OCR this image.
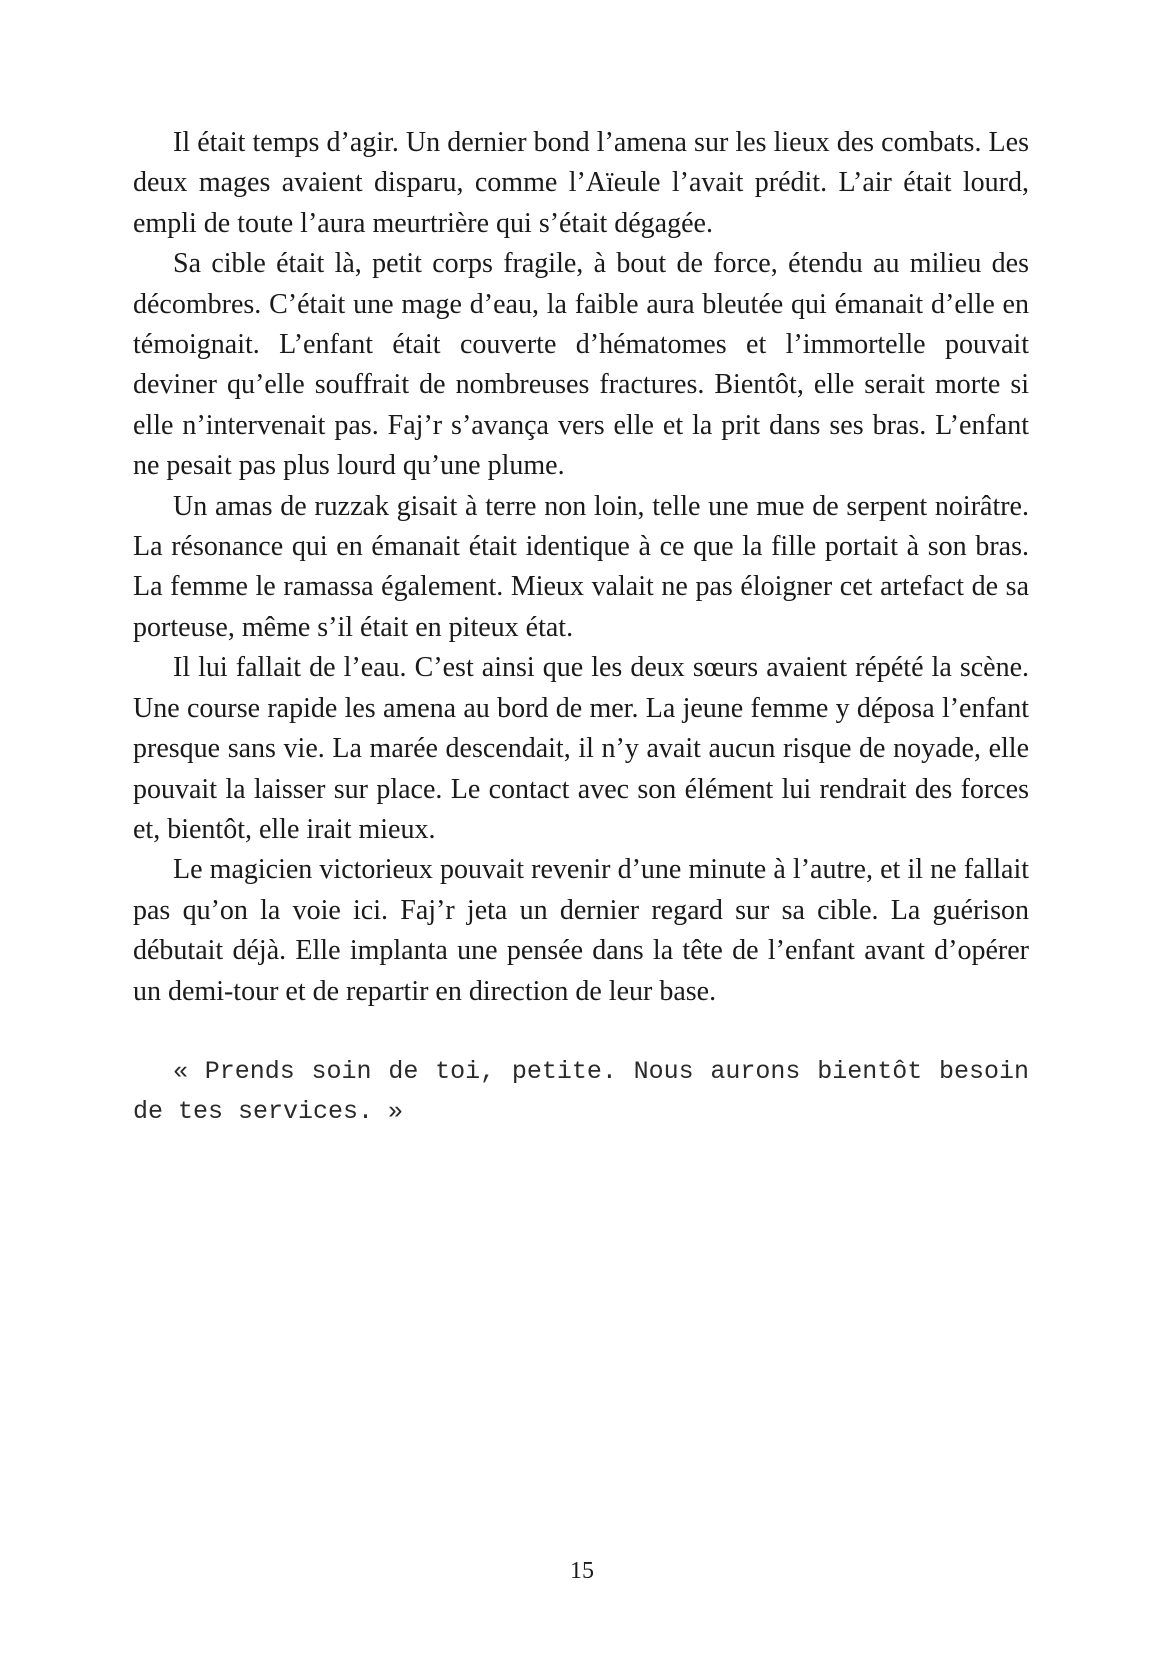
Il était temps d’agir. Un dernier bond l’amena sur les lieux des combats. Les deux mages avaient disparu, comme l’Aïeule l’avait prédit. L’air était lourd, empli de toute l’aura meurtrière qui s’était dégagée.

Sa cible était là, petit corps fragile, à bout de force, étendu au milieu des décombres. C’était une mage d’eau, la faible aura bleutée qui émanait d’elle en témoignait. L’enfant était couverte d’hématomes et l’immortelle pouvait deviner qu’elle souffrait de nombreuses fractures. Bientôt, elle serait morte si elle n’intervenait pas. Faj’r s’avança vers elle et la prit dans ses bras. L’enfant ne pesait pas plus lourd qu’une plume.

Un amas de ruzzak gisait à terre non loin, telle une mue de serpent noirâtre. La résonance qui en émanait était identique à ce que la fille portait à son bras. La femme le ramassa également. Mieux valait ne pas éloigner cet artefact de sa porteuse, même s’il était en piteux état.

Il lui fallait de l’eau. C’est ainsi que les deux sœurs avaient répété la scène. Une course rapide les amena au bord de mer. La jeune femme y déposa l’enfant presque sans vie. La marée descendait, il n’y avait aucun risque de noyade, elle pouvait la laisser sur place. Le contact avec son élément lui rendrait des forces et, bientôt, elle irait mieux.

Le magicien victorieux pouvait revenir d’une minute à l’autre, et il ne fallait pas qu’on la voie ici. Faj’r jeta un dernier regard sur sa cible. La guérison débutait déjà. Elle implanta une pensée dans la tête de l’enfant avant d’opérer un demi-tour et de repartir en direction de leur base.

« Prends soin de toi, petite. Nous aurons bientôt besoin de tes services. »

15
